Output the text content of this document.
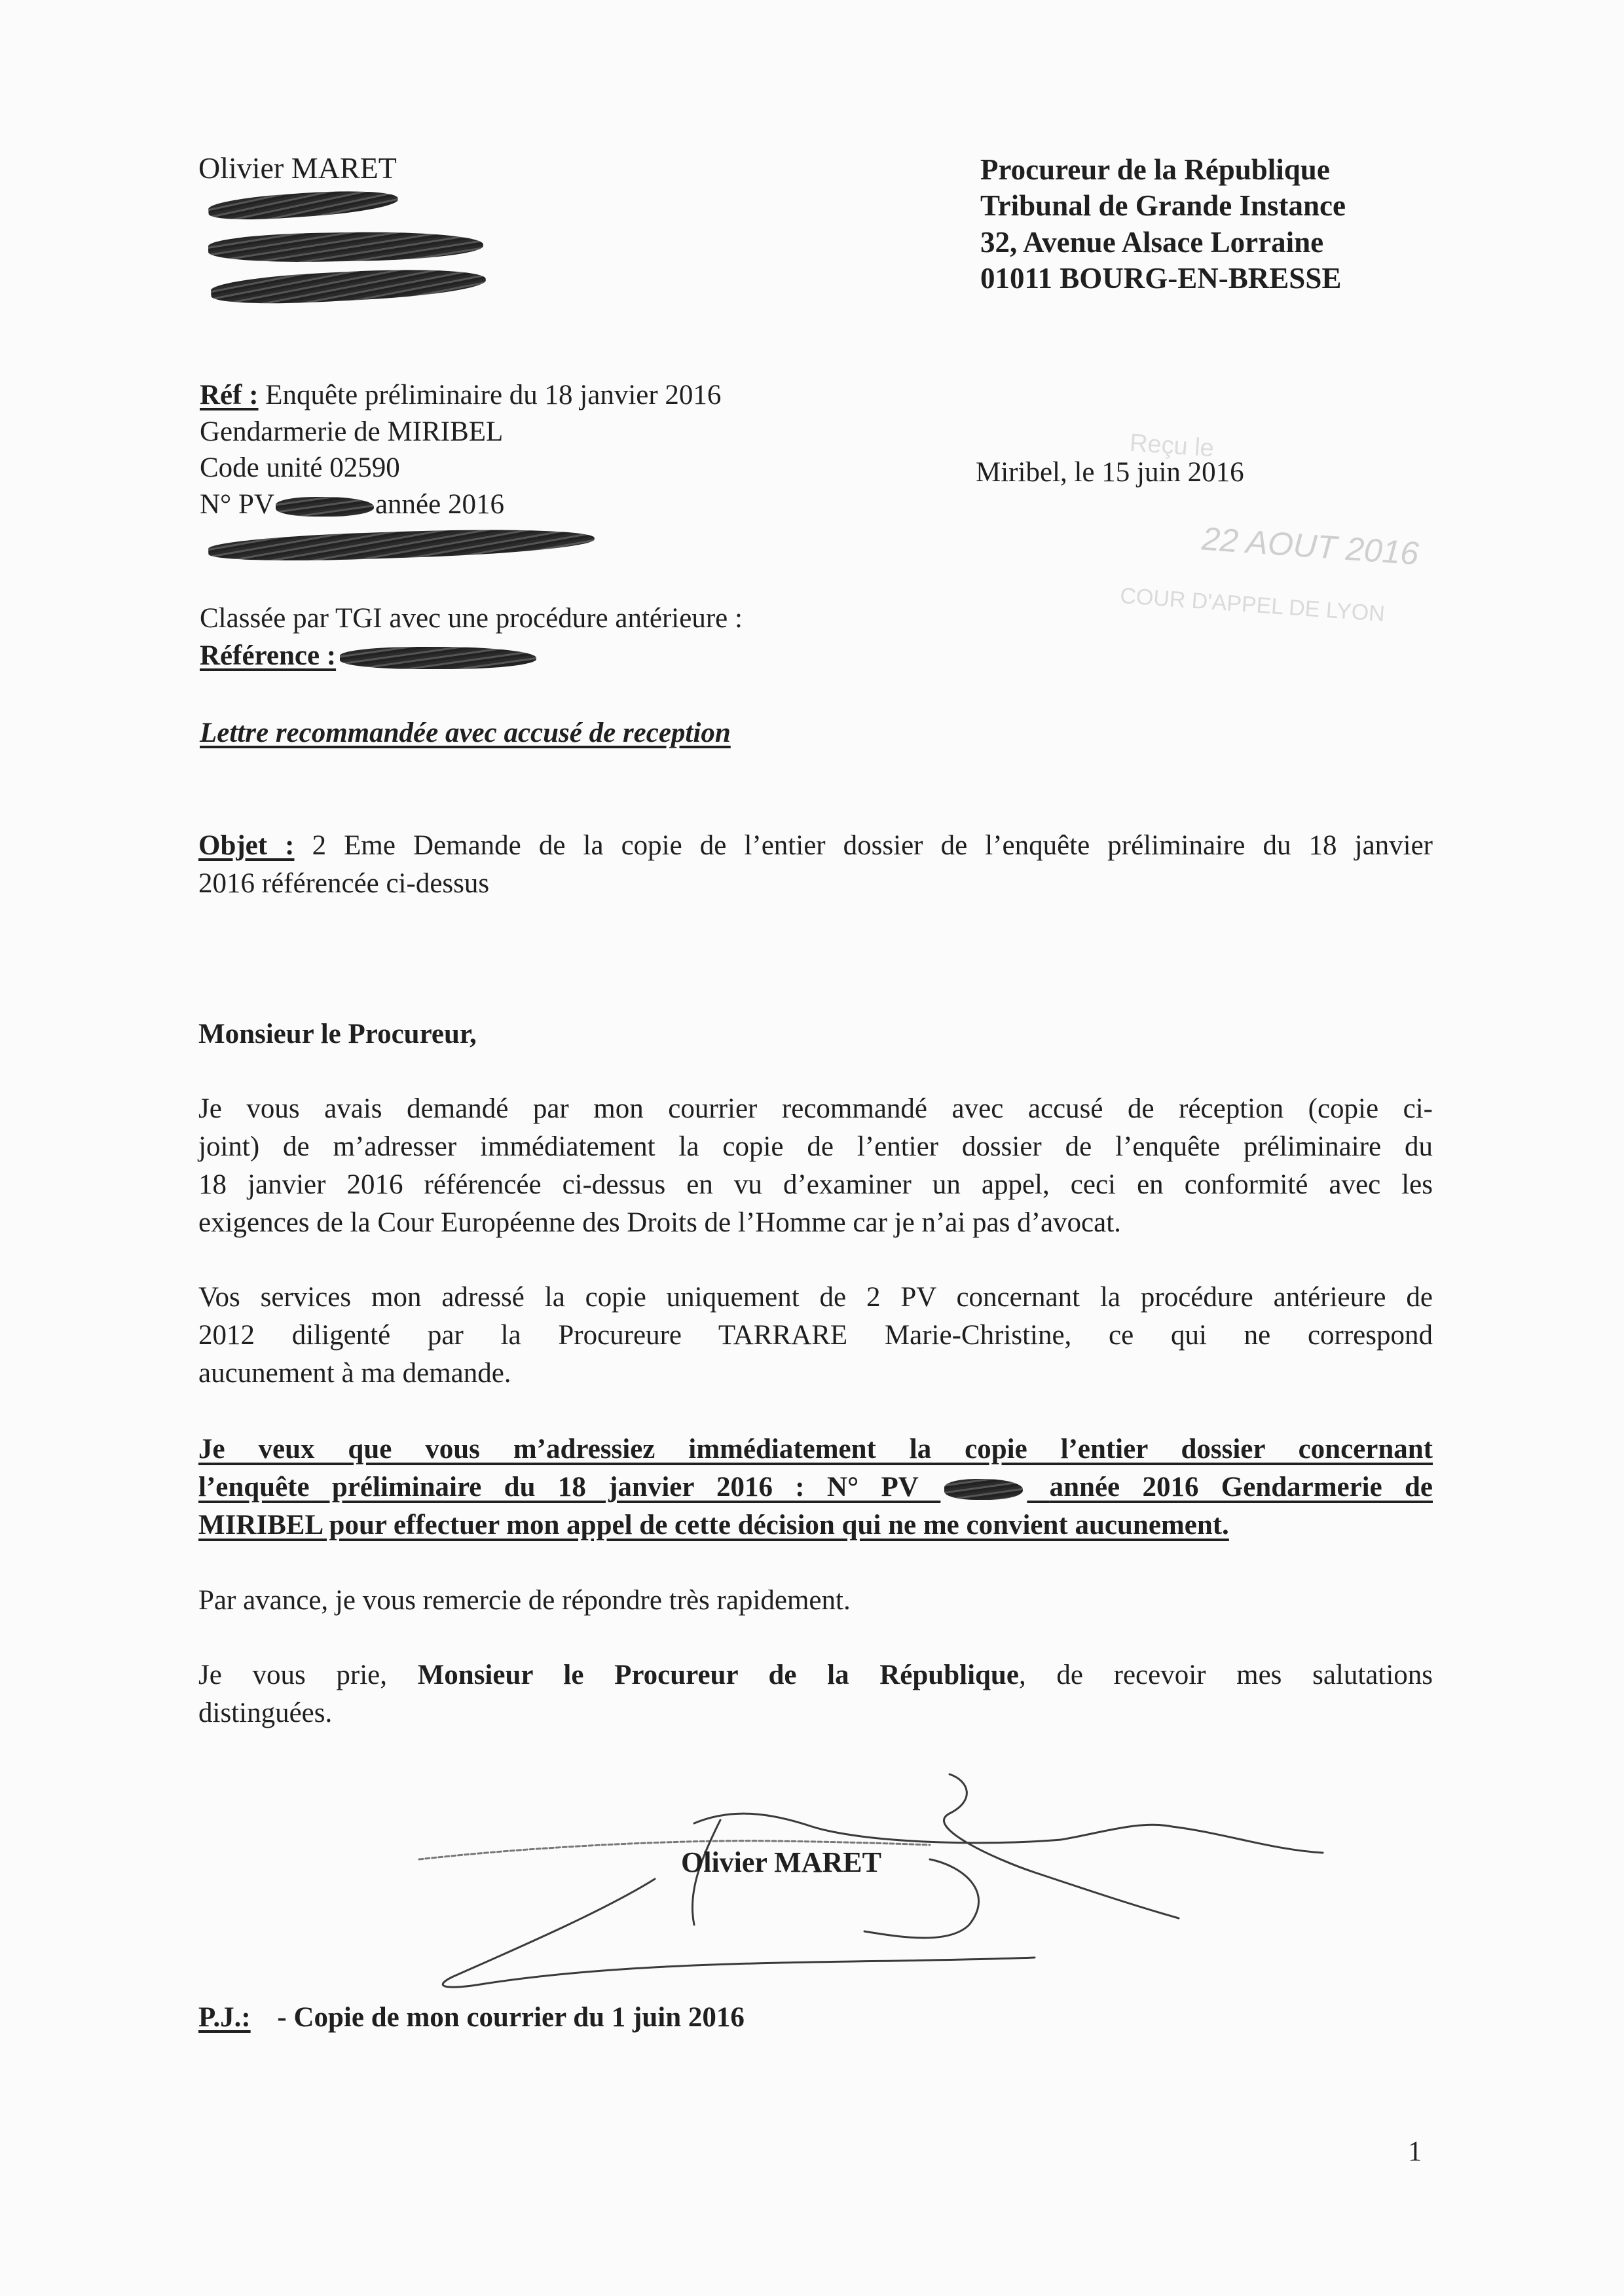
Olivier MARET	Procureur de la République
Tribunal de Grande Instance
32, Avenue Alsace Lorraine
01011 BOURG-EN-BRESSE
Réf : Enquête préliminaire du 18 janvier 2016
Gendarmerie de MIRIBEL
Code unité 02590
N° PV	année 2016
Miribel, le 15 juin 2016
Reçu le
22 AOUT 2016
COUR D'APPEL DE LYON
Classée par TGI avec une procédure antérieure :
Référence :
Lettre recommandée avec accusé de reception
Objet : 2 Eme Demande de la copie de l’entier dossier de l’enquête préliminaire du 18 janvier
2016 référencée ci-dessus
Monsieur le Procureur,
Je vous avais demandé par mon courrier recommandé avec accusé de réception (copie ci-
joint) de m’adresser immédiatement la copie de l’entier dossier de l’enquête préliminaire du
18 janvier 2016 référencée ci-dessus en vu d’examiner un appel, ceci en conformité avec les
exigences de la Cour Européenne des Droits de l’Homme car je n’ai pas d’avocat.
Vos services mon adressé la copie uniquement de 2 PV concernant la procédure antérieure de
2012 diligenté par la Procureure TARRARE Marie-Christine, ce qui ne correspond
aucunement à ma demande.
Je veux que vous m’adressiez immédiatement la copie l’entier dossier concernant
l’enquête préliminaire du 18 janvier 2016 : N° PV	année 2016 Gendarmerie de
MIRIBEL pour effectuer mon appel de cette décision qui ne me convient aucunement.
Par avance, je vous remercie de répondre très rapidement.
Je vous prie, Monsieur le Procureur de la République, de recevoir mes salutations
distinguées.
Olivier MARET
P.J.: - Copie de mon courrier du 1 juin 2016
1
